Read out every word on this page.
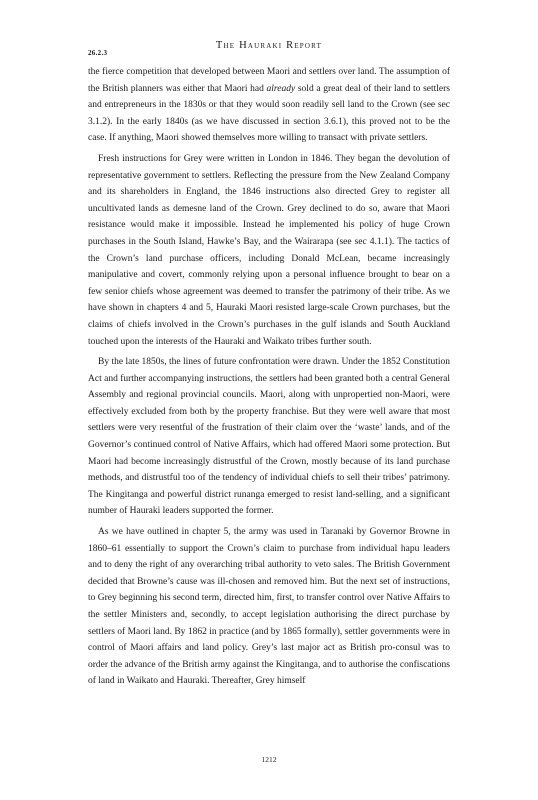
26.2.3
The Hauraki Report

the fierce competition that developed between Maori and settlers over land. The assumption of the British planners was either that Maori had already sold a great deal of their land to settlers and entrepreneurs in the 1830s or that they would soon readily sell land to the Crown (see sec 3.1.2). In the early 1840s (as we have discussed in section 3.6.1), this proved not to be the case. If anything, Maori showed themselves more willing to transact with private settlers.

Fresh instructions for Grey were written in London in 1846. They began the devolution of representative government to settlers. Reflecting the pressure from the New Zealand Company and its shareholders in England, the 1846 instructions also directed Grey to register all uncultivated lands as demesne land of the Crown. Grey declined to do so, aware that Maori resistance would make it impossible. Instead he implemented his policy of huge Crown purchases in the South Island, Hawke’s Bay, and the Wairarapa (see sec 4.1.1). The tactics of the Crown’s land purchase officers, including Donald McLean, became increasingly manipulative and covert, commonly relying upon a personal influence brought to bear on a few senior chiefs whose agreement was deemed to transfer the patrimony of their tribe. As we have shown in chapters 4 and 5, Hauraki Maori resisted large-scale Crown purchases, but the claims of chiefs involved in the Crown’s purchases in the gulf islands and South Auckland touched upon the interests of the Hauraki and Waikato tribes further south.

By the late 1850s, the lines of future confrontation were drawn. Under the 1852 Constitution Act and further accompanying instructions, the settlers had been granted both a central General Assembly and regional provincial councils. Maori, along with unpropertied non-Maori, were effectively excluded from both by the property franchise. But they were well aware that most settlers were very resentful of the frustration of their claim over the ‘waste’ lands, and of the Governor’s continued control of Native Affairs, which had offered Maori some protection. But Maori had become increasingly distrustful of the Crown, mostly because of its land purchase methods, and distrustful too of the tendency of individual chiefs to sell their tribes’ patrimony. The Kingitanga and powerful district runanga emerged to resist land-selling, and a significant number of Hauraki leaders supported the former.

As we have outlined in chapter 5, the army was used in Taranaki by Governor Browne in 1860–61 essentially to support the Crown’s claim to purchase from individual hapu leaders and to deny the right of any overarching tribal authority to veto sales. The British Government decided that Browne’s cause was ill-chosen and removed him. But the next set of instructions, to Grey beginning his second term, directed him, first, to transfer control over Native Affairs to the settler Ministers and, secondly, to accept legislation authorising the direct purchase by settlers of Maori land. By 1862 in practice (and by 1865 formally), settler governments were in control of Maori affairs and land policy. Grey’s last major act as British pro-consul was to order the advance of the British army against the Kingitanga, and to authorise the confiscations of land in Waikato and Hauraki. Thereafter, Grey himself

1212
